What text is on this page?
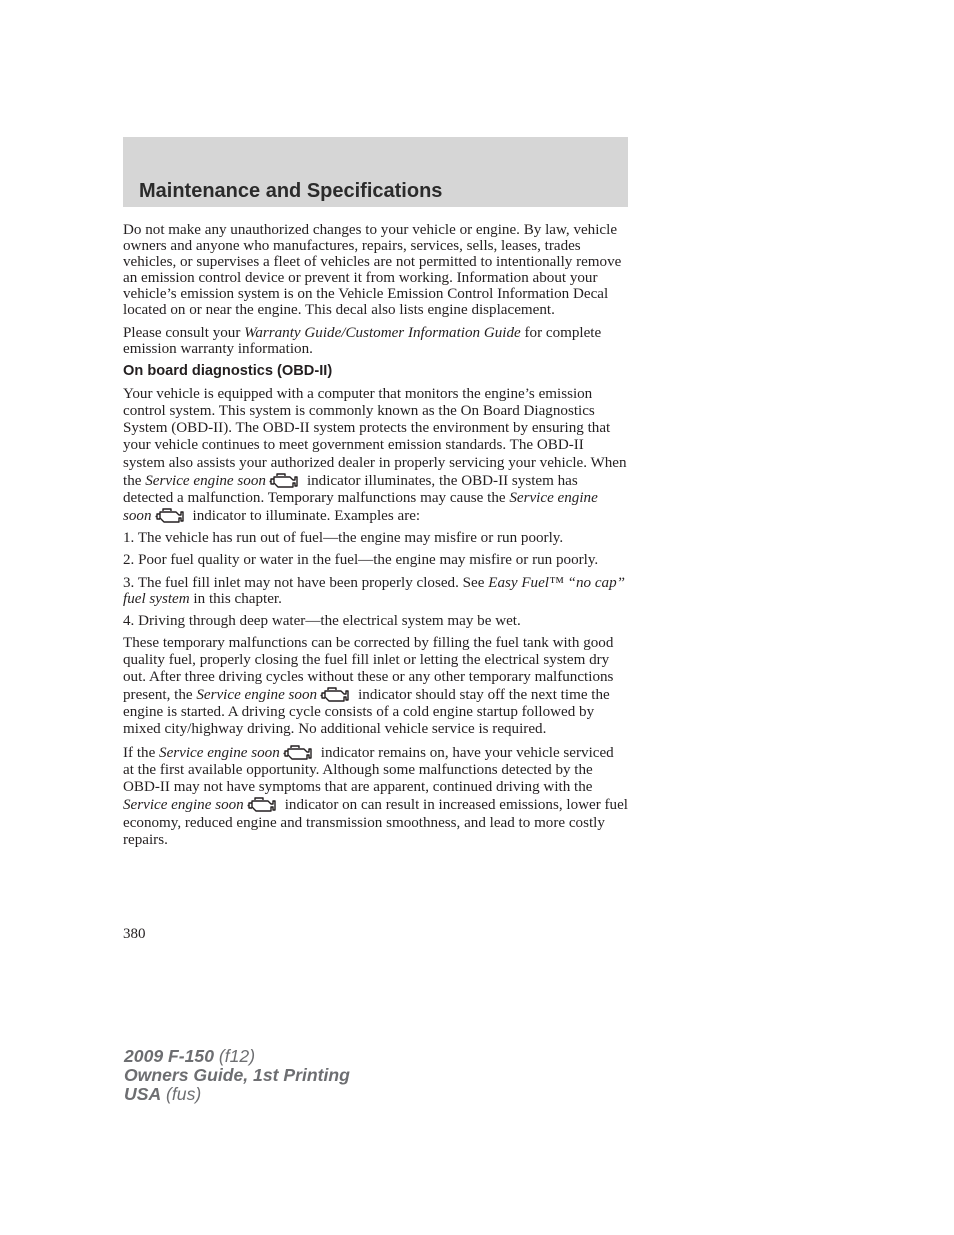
Maintenance and Specifications

Do not make any unauthorized changes to your vehicle or engine. By law, vehicle owners and anyone who manufactures, repairs, services, sells, leases, trades vehicles, or supervises a fleet of vehicles are not permitted to intentionally remove an emission control device or prevent it from working. Information about your vehicle’s emission system is on the Vehicle Emission Control Information Decal located on or near the engine. This decal also lists engine displacement.

Please consult your Warranty Guide/Customer Information Guide for complete emission warranty information.

On board diagnostics (OBD-II)

Your vehicle is equipped with a computer that monitors the engine’s emission control system. This system is commonly known as the On Board Diagnostics System (OBD-II). The OBD-II system protects the environment by ensuring that your vehicle continues to meet government emission standards. The OBD-II system also assists your authorized dealer in properly servicing your vehicle. When the Service engine soon	indicator illuminates, the OBD-II system has detected a malfunction. Temporary malfunctions may cause the Service engine soon	indicator to illuminate. Examples are:

1. The vehicle has run out of fuel—the engine may misfire or run poorly.

2. Poor fuel quality or water in the fuel—the engine may misfire or run poorly.

3. The fuel fill inlet may not have been properly closed. See Easy Fuel™ “no cap” fuel system in this chapter.

4. Driving through deep water—the electrical system may be wet.

These temporary malfunctions can be corrected by filling the fuel tank with good quality fuel, properly closing the fuel fill inlet or letting the electrical system dry out. After three driving cycles without these or any other temporary malfunctions present, the Service engine soon	indicator should stay off the next time the engine is started. A driving cycle consists of a cold engine startup followed by mixed city/highway driving. No additional vehicle service is required.

If the Service engine soon	indicator remains on, have your vehicle serviced at the first available opportunity. Although some malfunctions detected by the OBD-II may not have symptoms that are apparent, continued driving with the Service engine soon	indicator on can result in increased emissions, lower fuel economy, reduced engine and transmission smoothness, and lead to more costly repairs.

380
2009 F-150 (f12)
Owners Guide, 1st Printing
USA (fus)
